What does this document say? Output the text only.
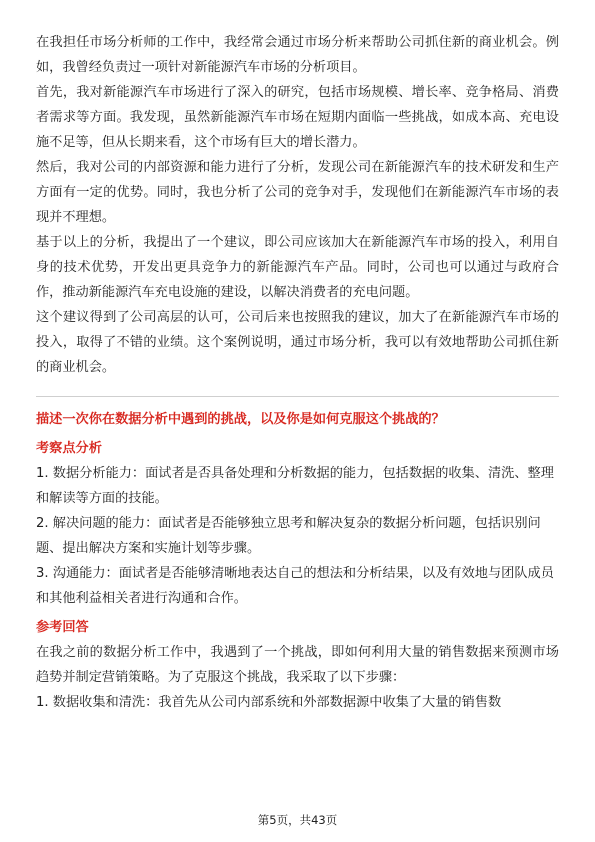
在我担任市场分析师的工作中，我经常会通过市场分析来帮助公司抓住新的商业机会。例如，我曾经负责过一项针对新能源汽车市场的分析项目。

首先，我对新能源汽车市场进行了深入的研究，包括市场规模、增长率、竞争格局、消费者需求等方面。我发现，虽然新能源汽车市场在短期内面临一些挑战，如成本高、充电设施不足等，但从长期来看，这个市场有巨大的增长潜力。

然后，我对公司的内部资源和能力进行了分析，发现公司在新能源汽车的技术研发和生产方面有一定的优势。同时，我也分析了公司的竞争对手，发现他们在新能源汽车市场的表现并不理想。

基于以上的分析，我提出了一个建议，即公司应该加大在新能源汽车市场的投入，利用自身的技术优势，开发出更具竞争力的新能源汽车产品。同时，公司也可以通过与政府合作，推动新能源汽车充电设施的建设，以解决消费者的充电问题。

这个建议得到了公司高层的认可，公司后来也按照我的建议，加大了在新能源汽车市场的投入，取得了不错的业绩。这个案例说明，通过市场分析，我可以有效地帮助公司抓住新的商业机会。

描述一次你在数据分析中遇到的挑战，以及你是如何克服这个挑战的？

考察点分析

1. 数据分析能力：面试者是否具备处理和分析数据的能力，包括数据的收集、清洗、整理和解读等方面的技能。

2. 解决问题的能力：面试者是否能够独立思考和解决复杂的数据分析问题，包括识别问题、提出解决方案和实施计划等步骤。

3. 沟通能力：面试者是否能够清晰地表达自己的想法和分析结果，以及有效地与团队成员和其他利益相关者进行沟通和合作。

参考回答

在我之前的数据分析工作中，我遇到了一个挑战，即如何利用大量的销售数据来预测市场趋势并制定营销策略。为了克服这个挑战，我采取了以下步骤：

1. 数据收集和清洗：我首先从公司内部系统和外部数据源中收集了大量的销售数

第5页，共43页
